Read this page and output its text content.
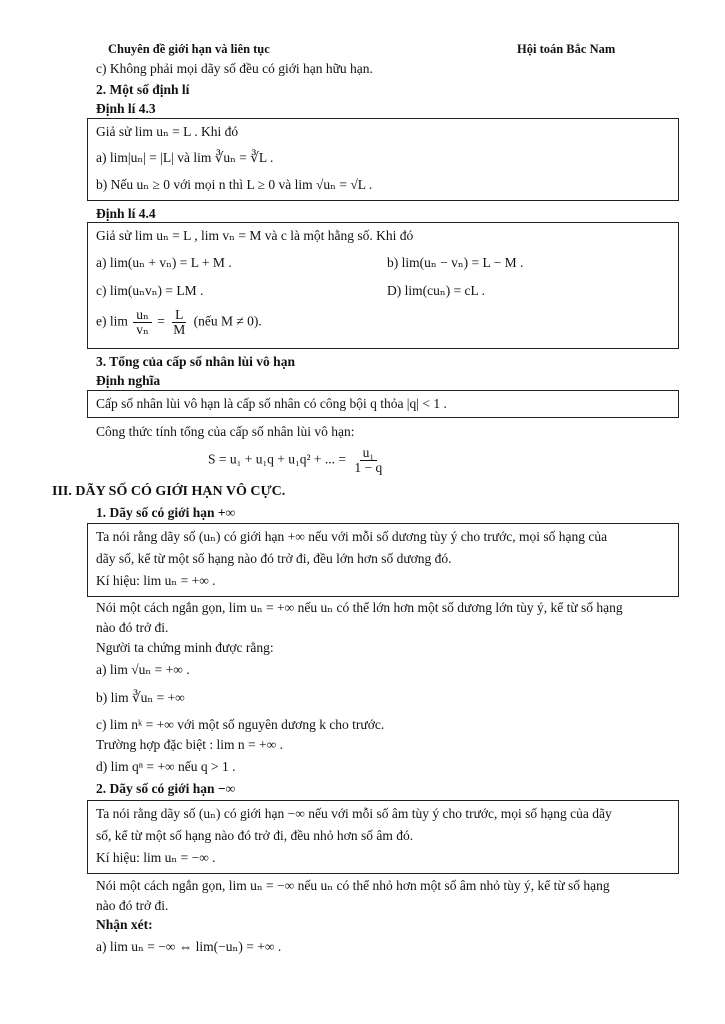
Chuyên đề giới hạn và liên tục	Hội toán Bắc Nam
c) Không phải mọi dãy số đều có giới hạn hữu hạn.
2. Một số định lí
Định lí 4.3
Giả sử lim uₙ = L . Khi đó
a) lim|uₙ| = |L| và lim ∛uₙ = ∛L .
b) Nếu uₙ ≥ 0 với mọi n thì L ≥ 0 và lim √uₙ = √L .
Định lí 4.4
Giả sử lim uₙ = L , lim vₙ = M và c là một hằng số. Khi đó
a) lim(uₙ + vₙ) = L + M .	b) lim(uₙ − vₙ) = L − M .
c) lim(uₙvₙ) = LM .	D) lim(cuₙ) = cL .
e) $\lim \frac{\text{uₙ}}{\text{vₙ}} = \frac{L}{M}$ (nếu M ≠ 0).
3. Tổng của cấp số nhân lùi vô hạn
Định nghĩa
Cấp số nhân lùi vô hạn là cấp số nhân có công bội q thỏa |q| < 1 .
Công thức tính tổng của cấp số nhân lùi vô hạn:
S = u₁ + u₁q + u₁q² + ... = $\frac{\text{u₁}}{1 - q}$
III. DÃY SỐ CÓ GIỚI HẠN VÔ CỰC.
1. Dãy số có giới hạn +∞
Ta nói rằng dãy số (uₙ) có giới hạn +∞ nếu với mỗi số dương tùy ý cho trước, mọi số hạng của
dãy số, kể từ một số hạng nào đó trở đi, đều lớn hơn số dương đó.
Kí hiệu: lim uₙ = +∞ .
Nói một cách ngắn gọn, lim uₙ = +∞ nếu uₙ có thể lớn hơn một số dương lớn tùy ý, kể từ số hạng
nào đó trở đi.
Người ta chứng minh được rằng:
a) lim √uₙ = +∞ .
b) lim ∛uₙ = +∞
c) lim nᵏ = +∞ với một số nguyên dương k cho trước.
Trường hợp đặc biệt : lim n = +∞ .
d) lim qⁿ = +∞ nếu q > 1 .
2. Dãy số có giới hạn −∞
Ta nói rằng dãy số (uₙ) có giới hạn −∞ nếu với mỗi số âm tùy ý cho trước, mọi số hạng của dãy
số, kể từ một số hạng nào đó trở đi, đều nhỏ hơn số âm đó.
Kí hiệu: lim uₙ = −∞ .
Nói một cách ngắn gọn, lim uₙ = −∞ nếu uₙ có thể nhỏ hơn một số âm nhỏ tùy ý, kể từ số hạng
nào đó trở đi.
Nhận xét:
a) lim uₙ = −∞ ⇔ lim(−uₙ) = +∞ .
